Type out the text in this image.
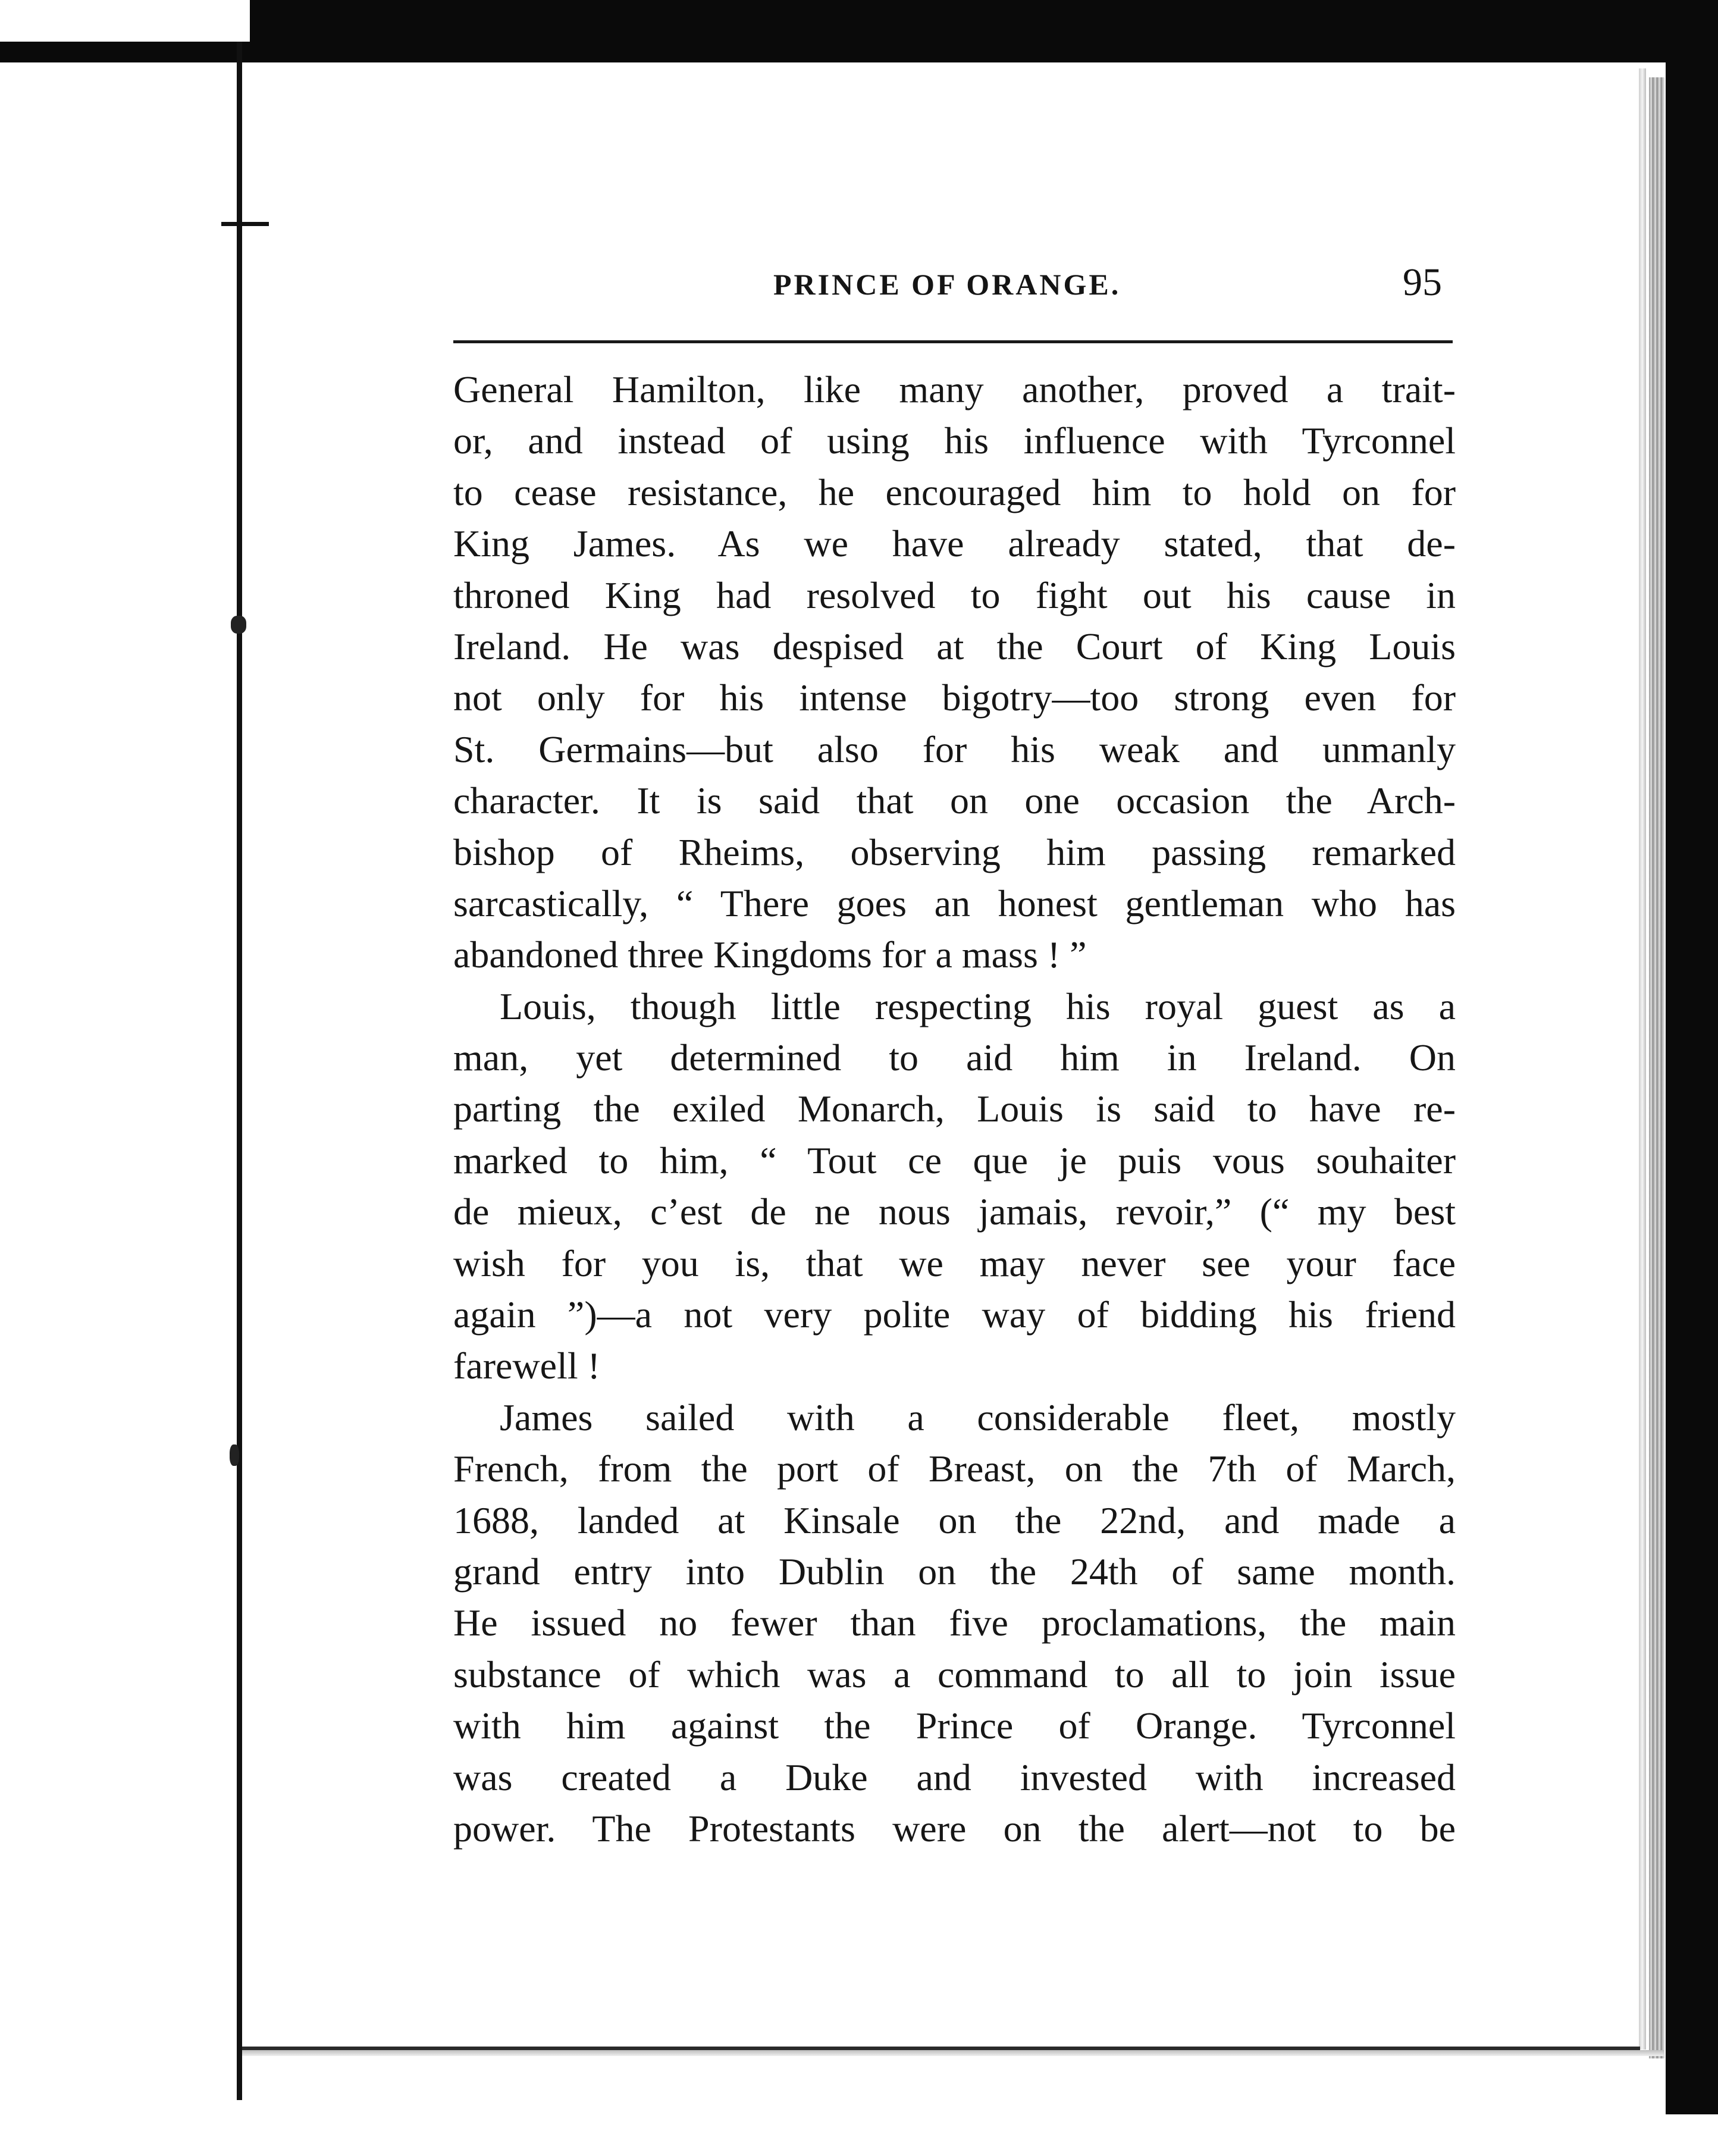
PRINCE OF ORANGE.	95
General Hamilton, like many another, proved a trait-
or, and instead of using his influence with Tyrconnel
to cease resistance, he encouraged him to hold on for
King James. As we have already stated, that de-
throned King had resolved to fight out his cause in
Ireland. He was despised at the Court of King Louis
not only for his intense bigotry—too strong even for
St. Germains—but also for his weak and unmanly
character. It is said that on one occasion the Arch-
bishop of Rheims, observing him passing remarked
sarcastically, “ There goes an honest gentleman who has
abandoned three Kingdoms for a mass ! ”
Louis, though little respecting his royal guest as a
man, yet determined to aid him in Ireland. On
parting the exiled Monarch, Louis is said to have re-
marked to him, “ Tout ce que je puis vous souhaiter
de mieux, c’est de ne nous jamais, revoir,” (“ my best
wish for you is, that we may never see your face
again ”)—a not very polite way of bidding his friend
farewell !
James sailed with a considerable fleet, mostly
French, from the port of Breast, on the 7th of March,
1688, landed at Kinsale on the 22nd, and made a
grand entry into Dublin on the 24th of same month.
He issued no fewer than five proclamations, the main
substance of which was a command to all to join issue
with him against the Prince of Orange. Tyrconnel
was created a Duke and invested with increased
power. The Protestants were on the alert—not to be
